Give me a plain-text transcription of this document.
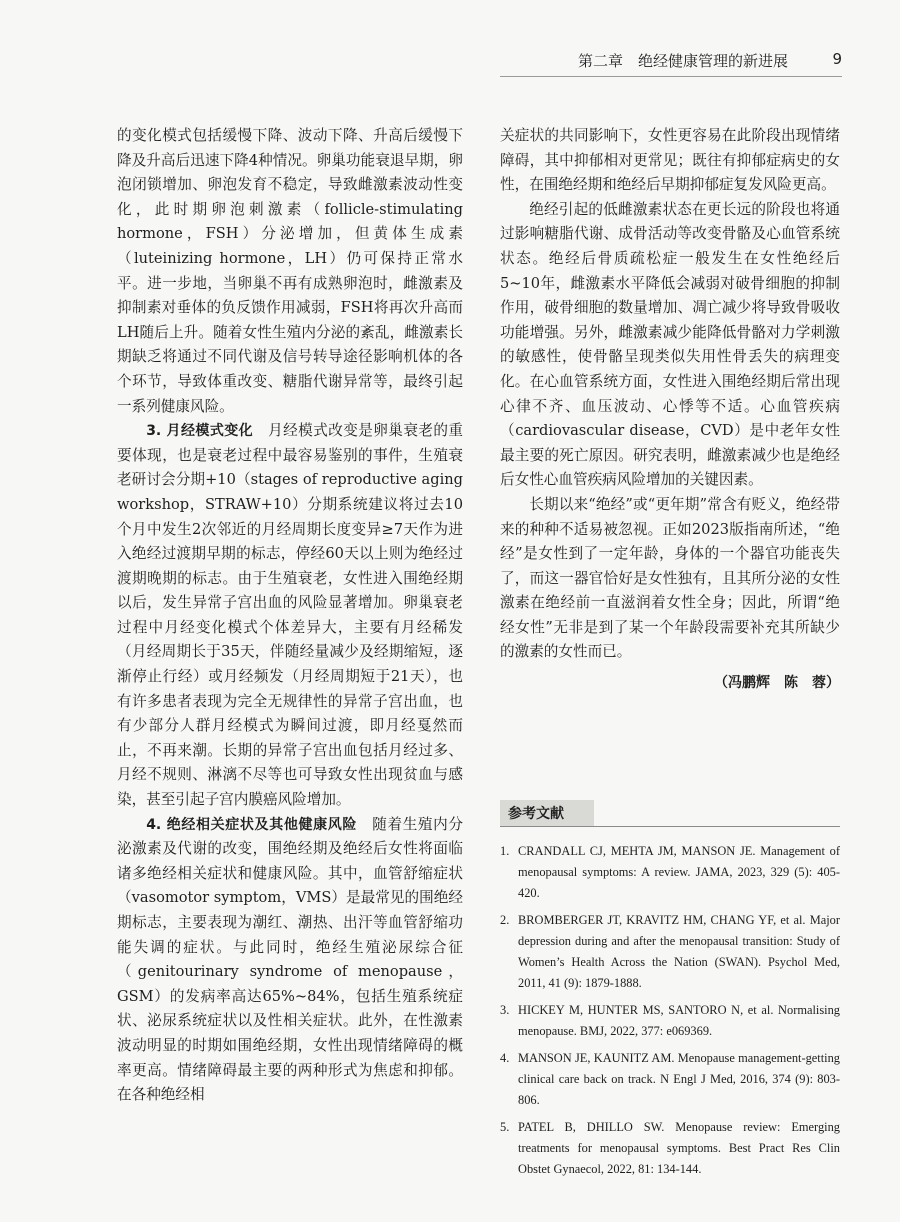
第二章　绝经健康管理的新进展	9

的变化模式包括缓慢下降、波动下降、升高后缓慢下降及升高后迅速下降4种情况。卵巢功能衰退早期，卵泡闭锁增加、卵泡发育不稳定，导致雌激素波动性变化，此时期卵泡刺激素（follicle-stimulating hormone，FSH）分泌增加，但黄体生成素（luteinizing hormone，LH）仍可保持正常水平。进一步地，当卵巢不再有成熟卵泡时，雌激素及抑制素对垂体的负反馈作用减弱，FSH将再次升高而LH随后上升。随着女性生殖内分泌的紊乱，雌激素长期缺乏将通过不同代谢及信号转导途径影响机体的各个环节，导致体重改变、糖脂代谢异常等，最终引起一系列健康风险。

3. 月经模式变化　 月经模式改变是卵巢衰老的重要体现，也是衰老过程中最容易鉴别的事件，生殖衰老研讨会分期+10（stages of reproductive aging workshop，STRAW+10）分期系统建议将过去10个月中发生2次邻近的月经周期长度变异≥7天作为进入绝经过渡期早期的标志，停经60天以上则为绝经过渡期晚期的标志。由于生殖衰老，女性进入围绝经期以后，发生异常子宫出血的风险显著增加。卵巢衰老过程中月经变化模式个体差异大，主要有月经稀发（月经周期长于35天，伴随经量减少及经期缩短，逐渐停止行经）或月经频发（月经周期短于21天），也有许多患者表现为完全无规律性的异常子宫出血，也有少部分人群月经模式为瞬间过渡，即月经戛然而止，不再来潮。长期的异常子宫出血包括月经过多、月经不规则、淋漓不尽等也可导致女性出现贫血与感染，甚至引起子宫内膜癌风险增加。

4. 绝经相关症状及其他健康风险　 随着生殖内分泌激素及代谢的改变，围绝经期及绝经后女性将面临诸多绝经相关症状和健康风险。其中，血管舒缩症状（vasomotor symptom，VMS）是最常见的围绝经期标志，主要表现为潮红、潮热、出汗等血管舒缩功能失调的症状。与此同时，绝经生殖泌尿综合征（genitourinary syndrome of menopause，GSM）的发病率高达65%~84%，包括生殖系统症状、泌尿系统症状以及性相关症状。此外，在性激素波动明显的时期如围绝经期，女性出现情绪障碍的概率更高。情绪障碍最主要的两种形式为焦虑和抑郁。在各种绝经相

关症状的共同影响下，女性更容易在此阶段出现情绪障碍，其中抑郁相对更常见；既往有抑郁症病史的女性，在围绝经期和绝经后早期抑郁症复发风险更高。

绝经引起的低雌激素状态在更长远的阶段也将通过影响糖脂代谢、成骨活动等改变骨骼及心血管系统状态。绝经后骨质疏松症一般发生在女性绝经后5~10年，雌激素水平降低会减弱对破骨细胞的抑制作用，破骨细胞的数量增加、凋亡减少将导致骨吸收功能增强。另外，雌激素减少能降低骨骼对力学刺激的敏感性，使骨骼呈现类似失用性骨丢失的病理变化。在心血管系统方面，女性进入围绝经期后常出现心律不齐、血压波动、心悸等不适。心血管疾病（cardiovascular disease，CVD）是中老年女性最主要的死亡原因。研究表明，雌激素减少也是绝经后女性心血管疾病风险增加的关键因素。

长期以来“绝经”或“更年期”常含有贬义，绝经带来的种种不适易被忽视。正如2023版指南所述，“绝经”是女性到了一定年龄，身体的一个器官功能丧失了，而这一器官恰好是女性独有，且其所分泌的女性激素在绝经前一直滋润着女性全身；因此，所谓“绝经女性”无非是到了某一个年龄段需要补充其所缺少的激素的女性而已。

（冯鹏辉　陈　蓉）

参考文献
1. CRANDALL CJ, MEHTA JM, MANSON JE. Management of menopausal symptoms: A review. JAMA, 2023, 329 (5): 405-420.
2. BROMBERGER JT, KRAVITZ HM, CHANG YF, et al. Major depression during and after the menopausal transition: Study of Women’s Health Across the Nation (SWAN). Psychol Med, 2011, 41 (9): 1879-1888.
3. HICKEY M, HUNTER MS, SANTORO N, et al. Normalising menopause. BMJ, 2022, 377: e069369.
4. MANSON JE, KAUNITZ AM. Menopause management-getting clinical care back on track. N Engl J Med, 2016, 374 (9): 803-806.
5. PATEL B, DHILLO SW. Menopause review: Emerging treatments for menopausal symptoms. Best Pract Res Clin Obstet Gynaecol, 2022, 81: 134-144.
